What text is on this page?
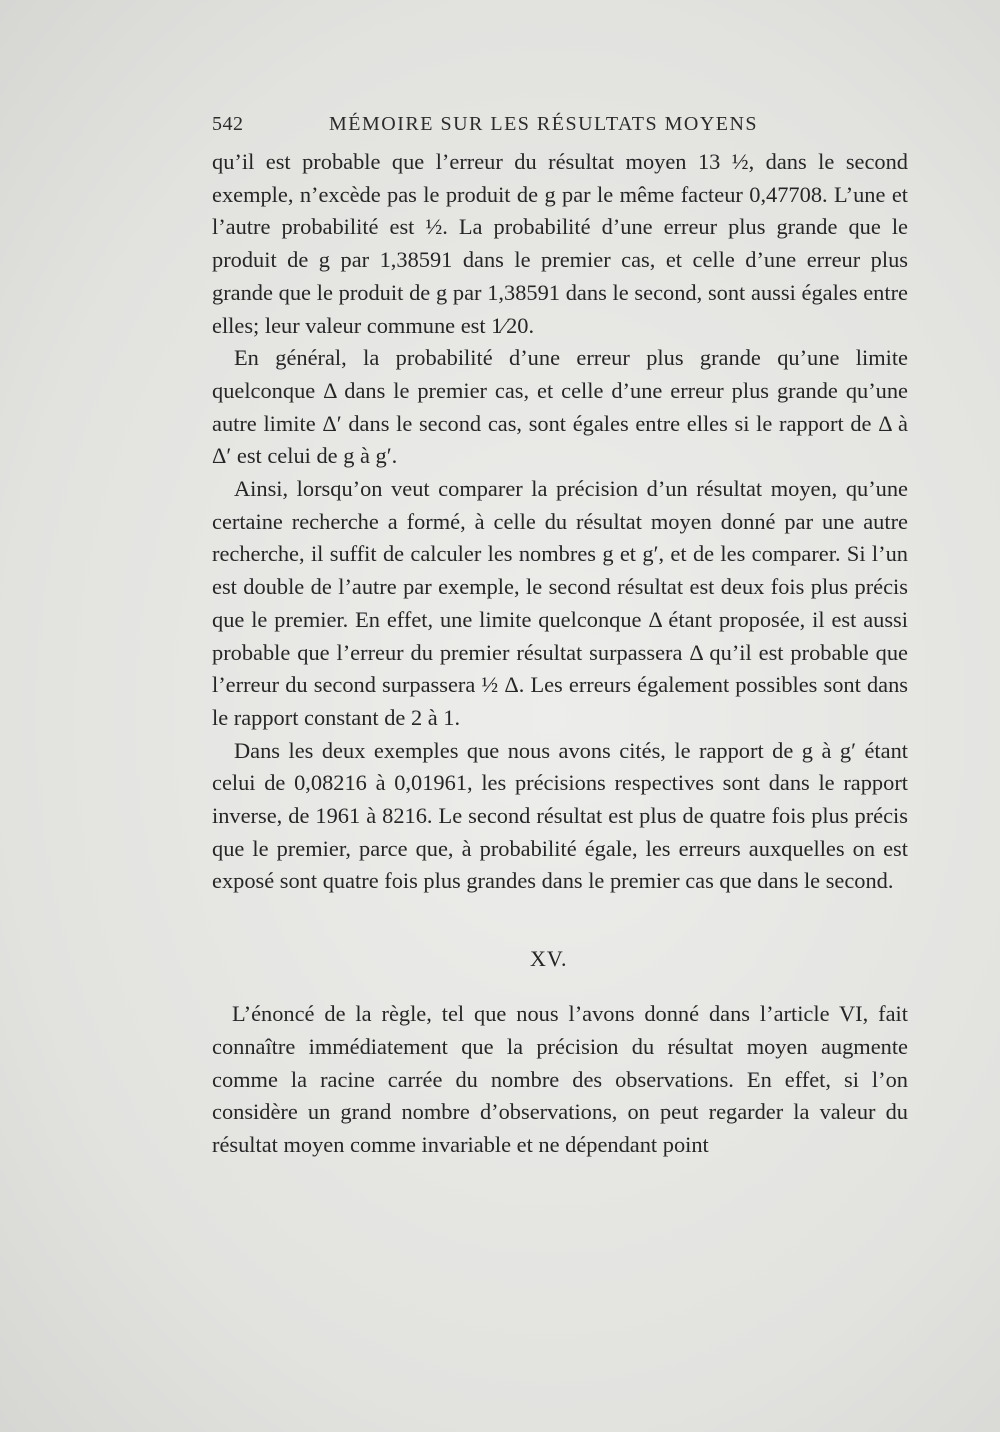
542	MÉMOIRE SUR LES RÉSULTATS MOYENS

qu’il est probable que l’erreur du résultat moyen 13 ½, dans le second exemple, n’excède pas le produit de g par le même facteur 0,47708. L’une et l’autre probabilité est ½. La probabilité d’une erreur plus grande que le produit de g par 1,38591 dans le premier cas, et celle d’une erreur plus grande que le produit de g par 1,38591 dans le second, sont aussi égales entre elles; leur valeur commune est 1⁄20.

En général, la probabilité d’une erreur plus grande qu’une limite quelconque Δ dans le premier cas, et celle d’une erreur plus grande qu’une autre limite Δ′ dans le second cas, sont égales entre elles si le rapport de Δ à Δ′ est celui de g à g′.

Ainsi, lorsqu’on veut comparer la précision d’un résultat moyen, qu’une certaine recherche a formé, à celle du résultat moyen donné par une autre recherche, il suffit de calculer les nombres g et g′, et de les comparer. Si l’un est double de l’autre par exemple, le second résultat est deux fois plus précis que le premier. En effet, une limite quelconque Δ étant proposée, il est aussi probable que l’erreur du premier résultat surpassera Δ qu’il est probable que l’erreur du second surpassera ½ Δ. Les erreurs également possibles sont dans le rapport constant de 2 à 1.

Dans les deux exemples que nous avons cités, le rapport de g à g′ étant celui de 0,08216 à 0,01961, les précisions respectives sont dans le rapport inverse, de 1961 à 8216. Le second résultat est plus de quatre fois plus précis que le premier, parce que, à probabilité égale, les erreurs auxquelles on est exposé sont quatre fois plus grandes dans le premier cas que dans le second.

XV.

L’énoncé de la règle, tel que nous l’avons donné dans l’article VI, fait connaître immédiatement que la précision du résultat moyen augmente comme la racine carrée du nombre des observations. En effet, si l’on considère un grand nombre d’observations, on peut regarder la valeur du résultat moyen comme invariable et ne dépendant point
